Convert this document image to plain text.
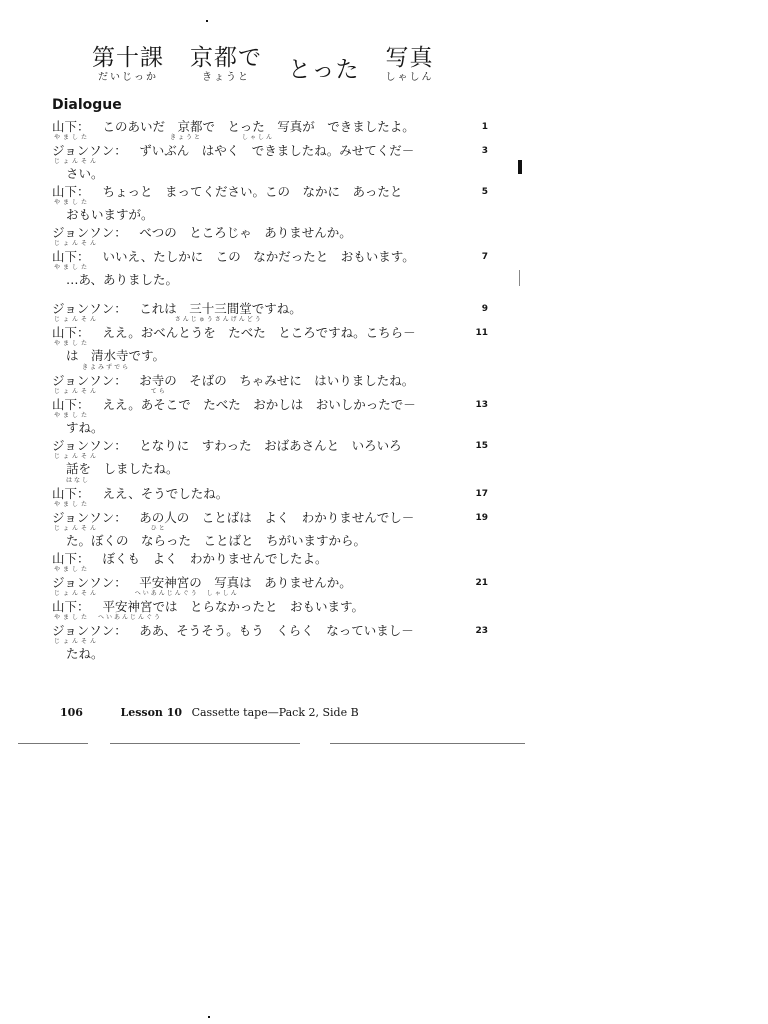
第十課
だいじっか
京都で
きょうと とった 写真
しゃしん
Dialogue
山下：
やました
　このあいだ　京都で　とった　写真が　できましたよ。
　　　　　　　　　　きょうと　　　　　しゃしん
1
ジョンソン：
じょんそん
　ずいぶん　はやく　できましたね。みせてくだ－
さい。
3
山下：
やました
　ちょっと　まってください。この　なかに　あったと
おもいますが。
5
ジョンソン：
じょんそん
　べつの　ところじゃ　ありませんか。
山下：
やました
　いいえ、たしかに　この　なかだったと　おもいます。
…あ、ありました。
7
ジョンソン：
じょんそん
　これは　三十三間堂ですね。
　　　　　　さんじゅうさんげんどう
9
山下：
やました
　ええ。おべんとうを　たべた　ところですね。こちら－
は　清水寺です。
　　きよみずでら
11
ジョンソン：
じょんそん
　お寺の　そばの　ちゃみせに　はいりましたね。
　　　てら
山下：
やました
　ええ。あそこで　たべた　おかしは　おいしかったで－
すね。
13
ジョンソン：
じょんそん
　となりに　すわった　おばあさんと　いろいろ
話を　しましたね。
はなし
15
山下：
やました
　ええ、そうでしたね。	17
ジョンソン：
じょんそん
　あの人の　ことばは　よく　わかりませんでし－
　　　ひと
た。ぼくの　ならった　ことばと　ちがいますから。
19
山下：
やました
　ぼくも　よく　わかりませんでしたよ。
ジョンソン：
じょんそん
　平安神宮の　写真は　ありませんか。
　へいあんじんぐう　しゃしん
21
山下：
やました
　平安神宮では　とらなかったと　おもいます。
　へいあんじんぐう
ジョンソン：
じょんそん
　ああ、そうそう。もう　くらく　なっていまし－
たね。
23
106	Lesson 10 Cassette tape—Pack 2, Side B
